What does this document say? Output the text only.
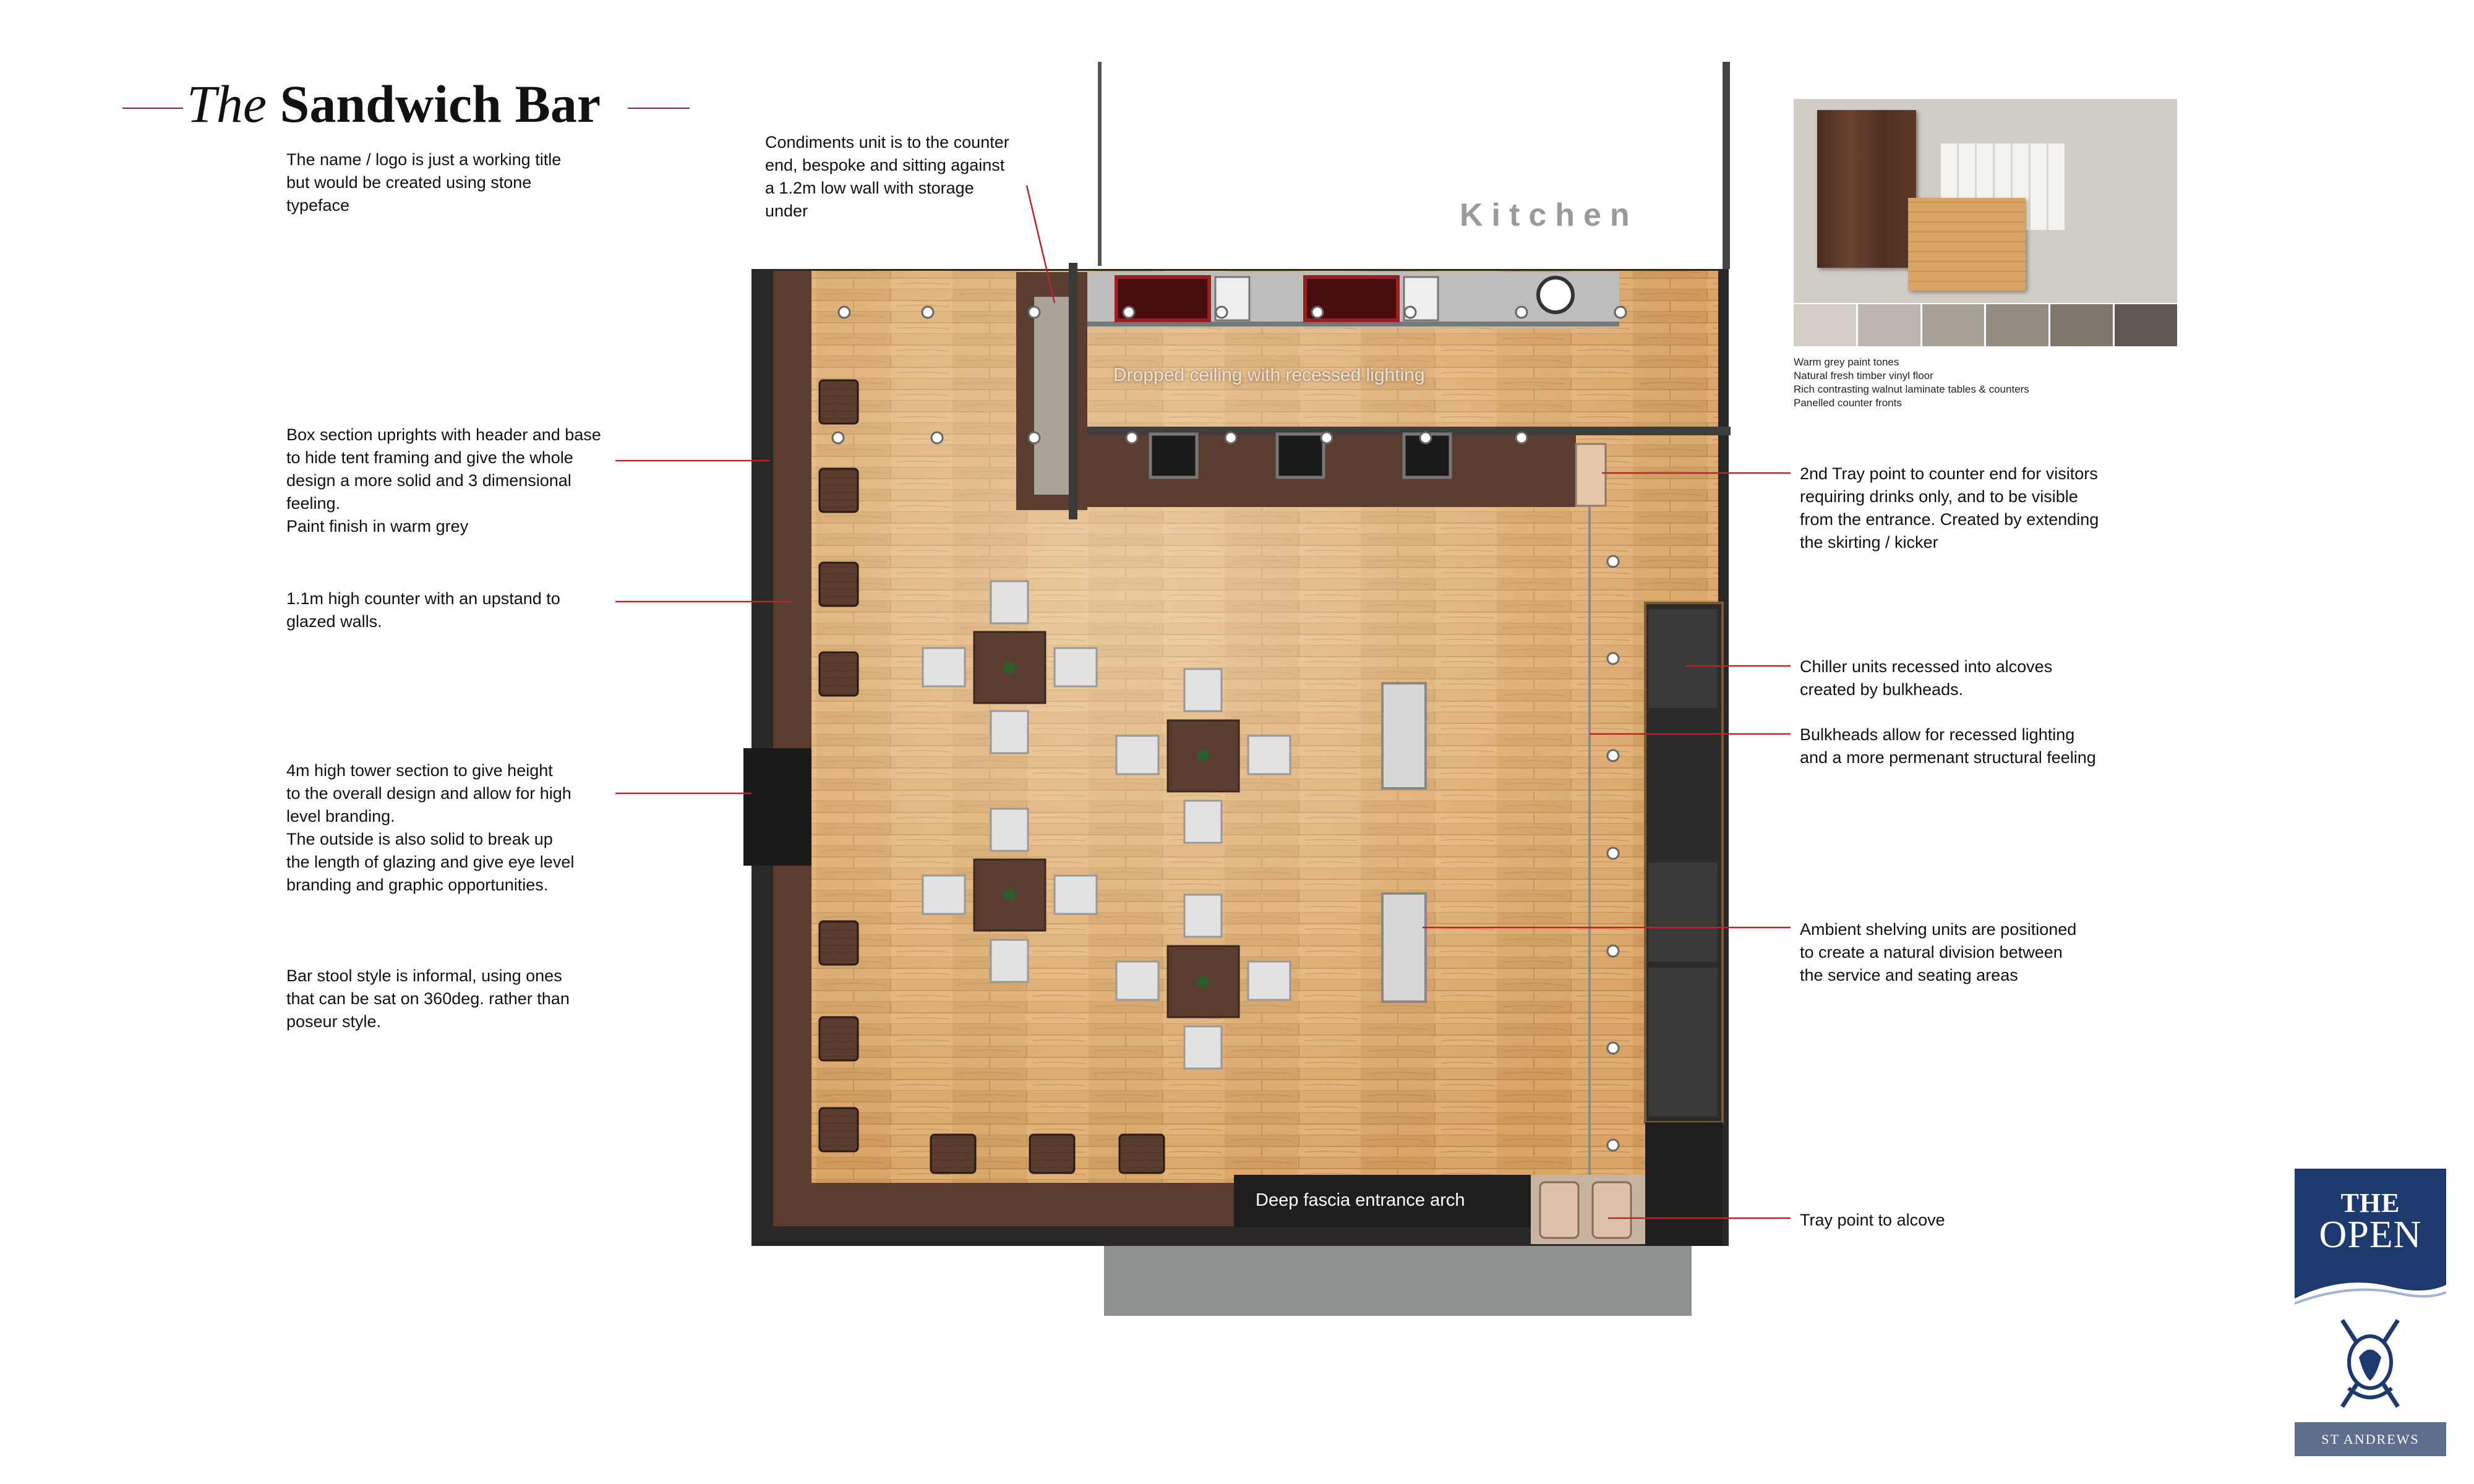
The Sandwich Bar
The name / logo is just a working title
but would be created using stone
typeface
Condiments unit is to the counter
end, bespoke and sitting against
a 1.2m low wall with storage
under
Box section uprights with header and base
to hide tent framing and give the whole
design a more solid and 3 dimensional
feeling.
Paint finish in warm grey
1.1m high counter with an upstand to
glazed walls.
4m high tower section to give height
to the overall design and allow for high
level branding.
The outside is also solid to break up
the length of glazing and give eye level
branding and graphic opportunities.
Bar stool style is informal, using ones
that can be sat on 360deg. rather than
poseur style.
2nd Tray point to counter end for visitors
requiring drinks only, and to be visible
from the entrance. Created by extending
the skirting / kicker
Chiller units recessed into alcoves
created by bulkheads.
Bulkheads allow for recessed lighting
and a more permenant structural feeling
Ambient shelving units are positioned
to create a natural division between
the service and seating areas
Tray point to alcove
Kitchen
Dropped ceiling with recessed lighting
Deep fascia entrance arch
Warm grey paint tones
Natural fresh timber vinyl floor
Rich contrasting walnut laminate tables & counters
Panelled counter fronts
THE
OPEN
ST ANDREWS
